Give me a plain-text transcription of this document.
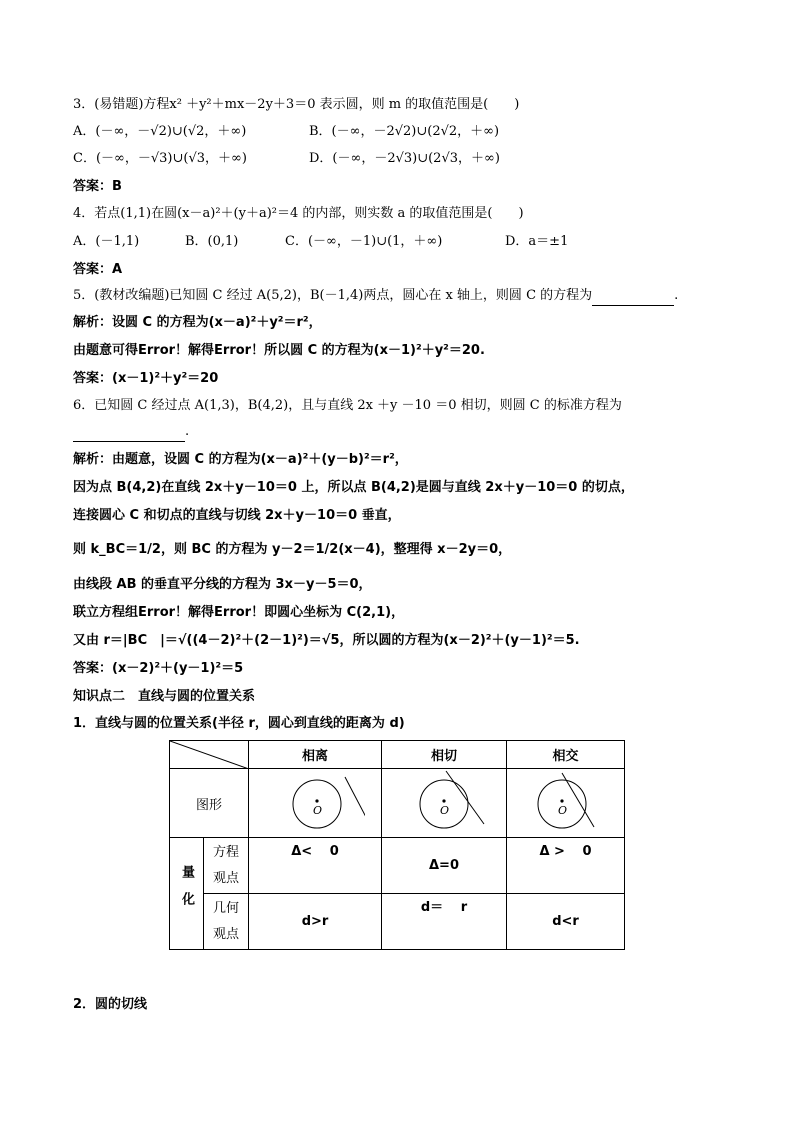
3．(易错题)方程x² ＋y²＋mx－2y＋3＝0 表示圆，则 m 的取值范围是(　　)
A．(－∞，－√2)∪(√2，＋∞)	B．(－∞，－2√2)∪(2√2，＋∞)
C．(－∞，－√3)∪(√3，＋∞)	D．(－∞，－2√3)∪(2√3，＋∞)
答案：B
4．若点(1,1)在圆(x－a)²＋(y＋a)²＝4 的内部，则实数 a 的取值范围是(　　)
A．(－1,1)	B．(0,1)	C．(－∞，－1)∪(1，＋∞)	D．a＝±1
答案：A
5．(教材改编题)已知圆 C 经过 A(5,2)，B(－1,4)两点，圆心在 x 轴上，则圆 C 的方程为	.
解析：设圆 C 的方程为(x－a)²＋y²＝r²，
由题意可得Error！解得Error！所以圆 C 的方程为(x－1)²＋y²＝20.
答案：(x－1)²＋y²＝20
6．已知圆 C 经过点 A(1,3)，B(4,2)，且与直线 2x ＋y －10 ＝0 相切，则圆 C 的标准方程为
.
解析：由题意，设圆 C 的方程为(x－a)²＋(y－b)²＝r²，
因为点 B(4,2)在直线 2x＋y－10＝0 上，所以点 B(4,2)是圆与直线 2x＋y－10＝0 的切点，
连接圆心 C 和切点的直线与切线 2x＋y－10＝0 垂直，
则 k_BC＝1/2，则 BC 的方程为 y－2＝1/2(x－4)，整理得 x－2y＝0，
由线段 AB 的垂直平分线的方程为 3x－y－5＝0，
联立方程组Error！解得Error！即圆心坐标为 C(2,1)，
又由 r＝|BC　|＝√((4－2)²＋(2－1)²)＝√5，所以圆的方程为(x－2)²＋(y－1)²＝5.
答案：(x－2)²＋(y－1)²＝5
知识点二　直线与圆的位置关系
1．直线与圆的位置关系(半径 r，圆心到直线的距离为 d)
	相离	相切	相交
图形		O	O	O

量化	方程观点	Δ<　 0	Δ=0	Δ >　 0
	几何观点	d>r	d＝　 r	d<r
2．圆的切线
